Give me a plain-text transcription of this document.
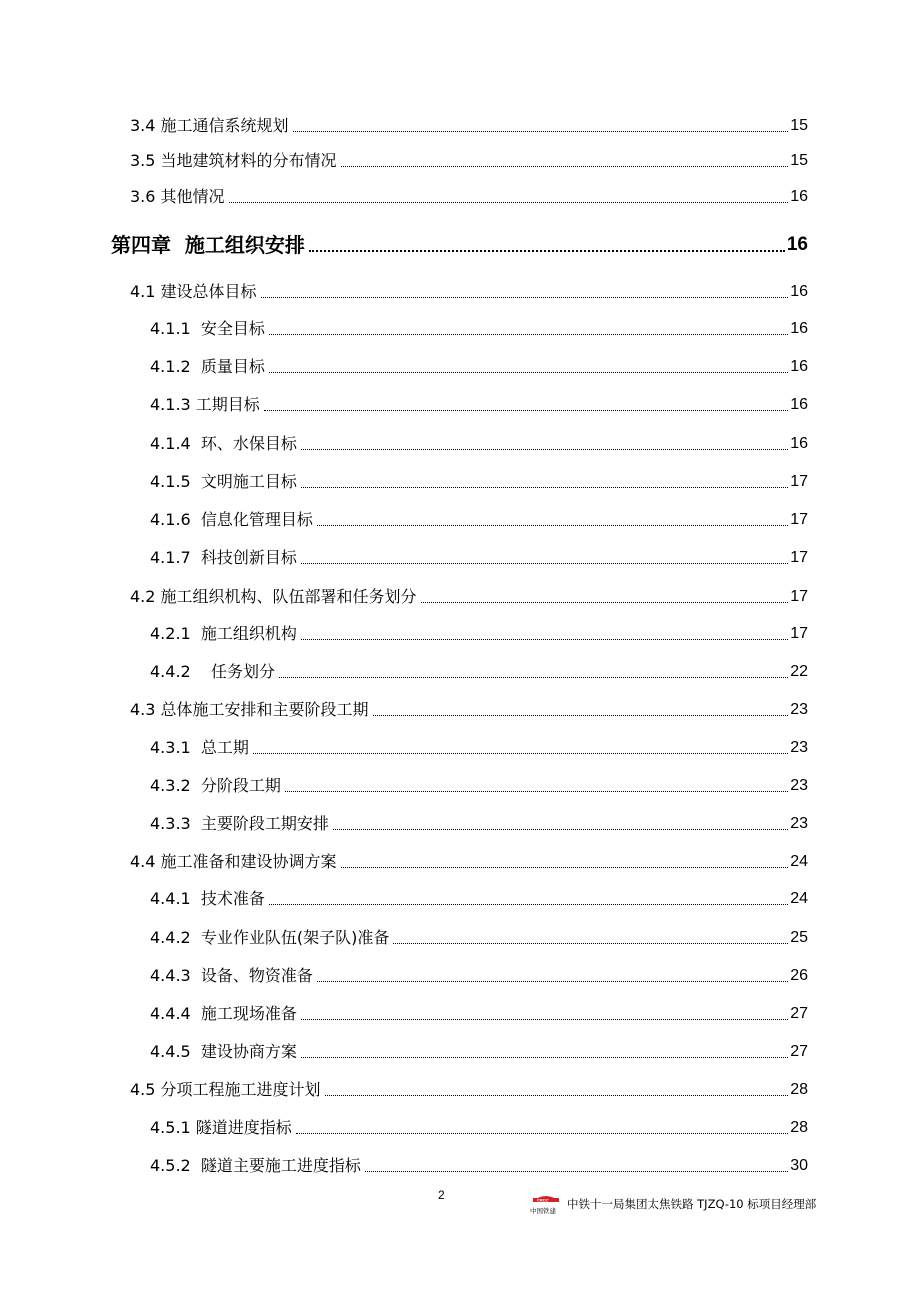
3.4 施工通信系统规划	15
3.5 当地建筑材料的分布情况	15
3.6 其他情况	16
第四章  施工组织安排	16
4.1 建设总体目标	16
4.1.1  安全目标	16
4.1.2  质量目标	16
4.1.3 工期目标	16
4.1.4  环、水保目标	16
4.1.5  文明施工目标	17
4.1.6  信息化管理目标	17
4.1.7  科技创新目标	17
4.2 施工组织机构、队伍部署和任务划分	17
4.2.1  施工组织机构	17
4.4.2    任务划分	22
4.3 总体施工安排和主要阶段工期	23
4.3.1  总工期	23
4.3.2  分阶段工期	23
4.3.3  主要阶段工期安排	23
4.4 施工准备和建设协调方案	24
4.4.1  技术准备	24
4.4.2  专业作业队伍(架子队)准备	25
4.4.3  设备、物资准备	26
4.4.4  施工现场准备	27
4.4.5  建设协商方案	27
4.5 分项工程施工进度计划	28
4.5.1 隧道进度指标	28
4.5.2  隧道主要施工进度指标	30
2	CRCC
中国铁建 中铁十一局集团太焦铁路 TJZQ-10 标项目经理部
